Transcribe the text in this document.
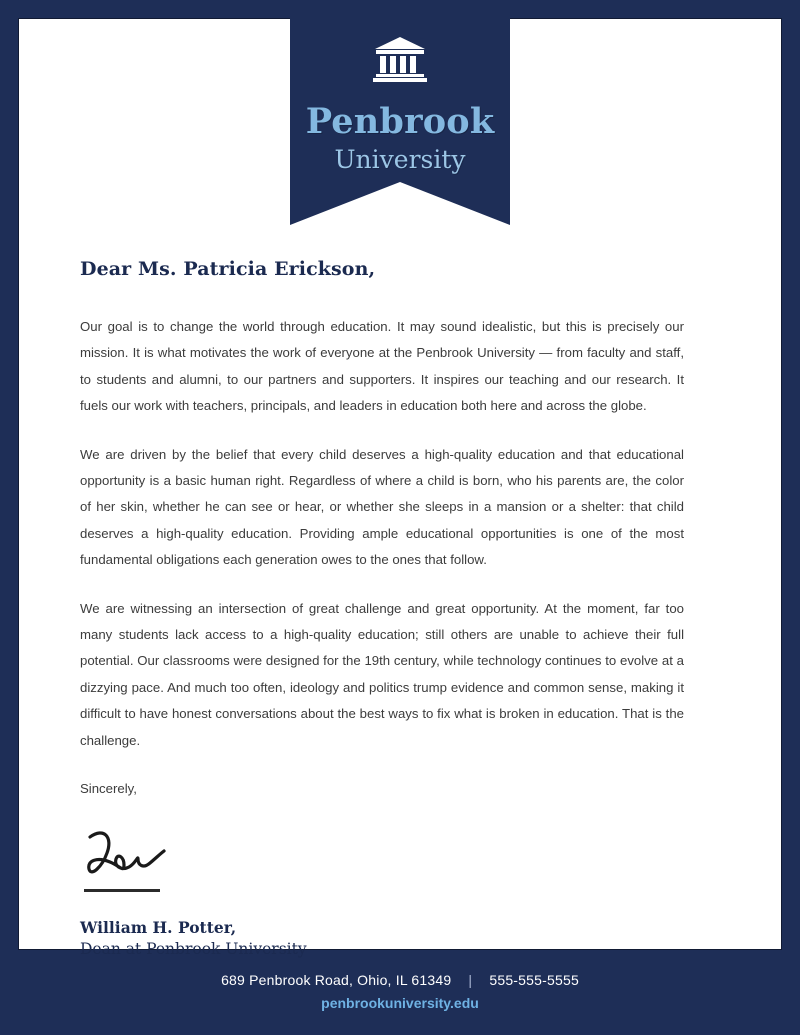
Penbrook
University

Dear Ms. Patricia Erickson,

Our goal is to change the world through education. It may sound idealistic, but this is precisely our mission. It is what motivates the work of everyone at the Penbrook University — from faculty and staff, to students and alumni, to our partners and supporters. It inspires our teaching and our research. It fuels our work with teachers, principals, and leaders in education both here and across the globe.

We are driven by the belief that every child deserves a high-quality education and that educational opportunity is a basic human right. Regardless of where a child is born, who his parents are, the color of her skin, whether he can see or hear, or whether she sleeps in a mansion or a shelter: that child deserves a high-quality education. Providing ample educational opportunities is one of the most fundamental obligations each generation owes to the ones that follow.

We are witnessing an intersection of great challenge and great opportunity. At the moment, far too many students lack access to a high-quality education; still others are unable to achieve their full potential. Our classrooms were designed for the 19th century, while technology continues to evolve at a dizzying pace. And much too often, ideology and politics trump evidence and common sense, making it difficult to have honest conversations about the best ways to fix what is broken in education. That is the challenge.

Sincerely,

William H. Potter,

Dean at Penbrook University

689 Penbrook Road, Ohio, IL 61349 | 555-555-5555

penbrookuniversity.edu
